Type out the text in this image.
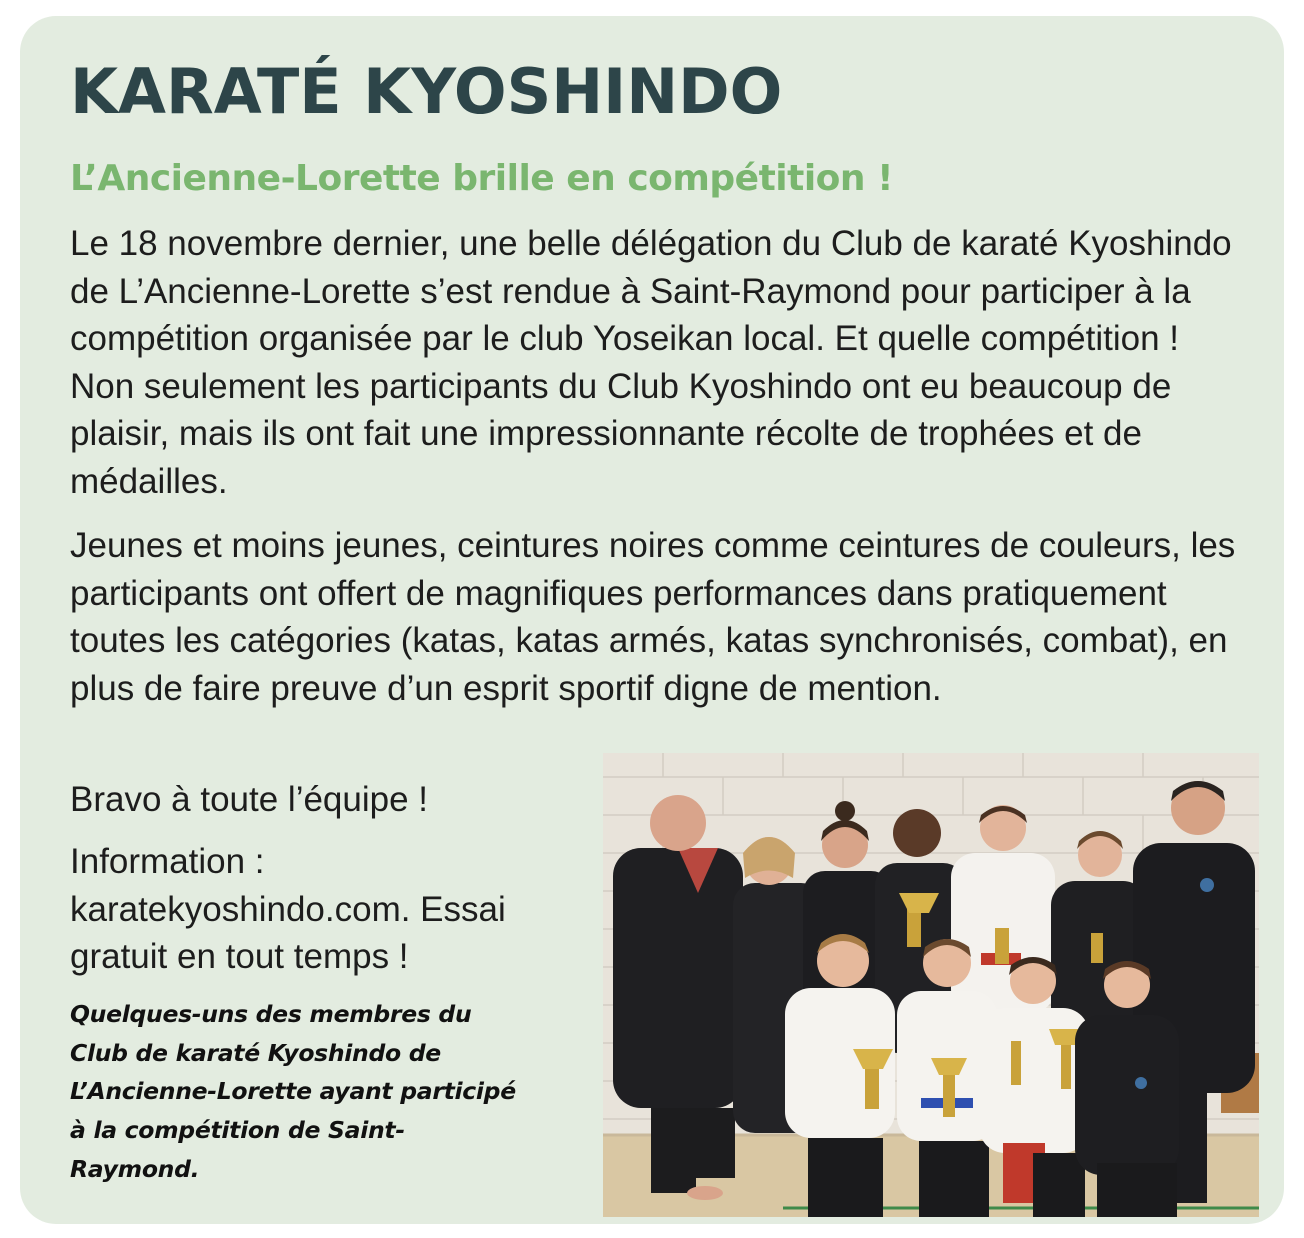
KARATÉ KYOSHINDO
L’Ancienne-Lorette brille en compétition !

Le 18 novembre dernier, une belle délégation du Club de karaté Kyoshindo de L’Ancienne-Lorette s’est rendue à Saint-Raymond pour participer à la compétition organisée par le club Yoseikan local. Et quelle compétition ! Non seulement les participants du Club Kyoshindo ont eu beaucoup de plaisir, mais ils ont fait une impressionnante récolte de trophées et de médailles.

Jeunes et moins jeunes, ceintures noires comme ceintures de couleurs, les participants ont offert de magnifiques performances dans pratiquement toutes les catégories (katas, katas armés, katas synchronisés, combat), en plus de faire preuve d’un esprit sportif digne de mention.

Bravo à toute l’équipe !

Information : karatekyoshindo.com. Essai gratuit en tout temps !

Quelques-uns des membres du Club de karaté Kyoshindo de L’Ancienne-Lorette ayant participé à la compétition de Saint-Raymond.
